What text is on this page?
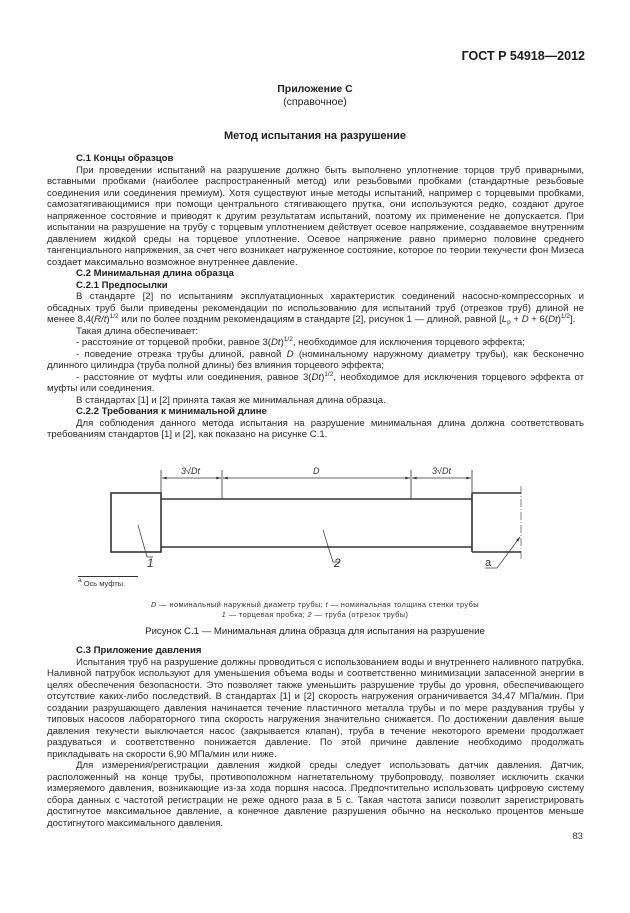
ГОСТ Р 54918—2012
Приложение С
(справочное)
Метод испытания на разрушение

С.1 Концы образцов

При проведении испытаний на разрушение должно быть выполнено уплотнение торцов труб приварными, вставными пробками (наиболее распространенный метод) или резьбовыми пробками (стандартные резьбовые соединения или соединения премиум). Хотя существуют иные методы испытаний, например с торцевыми пробками, самозатягивающимися при помощи центрального стягивающего прутка, они используются редко, создают другое напряженное состояние и приводят к другим результатам испытаний, поэтому их применение не допускается. При испытании на разрушение на трубу с торцевым уплотнением действует осевое напряжение, создаваемое внутренним давлением жидкой среды на торцевое уплотнение. Осевое напряжение равно примерно половине среднего тангенциального напряжения, за счет чего возникает нагруженное состояние, которое по теории текучести фон Мизеса создает максимально возможное внутреннее давление.

С.2 Минимальная длина образца

С.2.1 Предпосылки

В стандарте [2] по испытаниям эксплуатационных характеристик соединений насосно-компрессорных и обсадных труб были приведены рекомендации по использованию для испытаний труб (отрезков труб) длиной не менее $8,4(R/t)^{1/2}$ или по более поздним рекомендациям в стандарте [2], рисунок 1 — длиной, равной $[L_p + D + 6(Dt)^{1/2}]$.

Такая длина обеспечивает:

- расстояние от торцевой пробки, равное $3(Dt)^{1/2}$, необходимое для исключения торцевого эффекта;

- поведение отрезка трубы длиной, равной D (номинальному наружному диаметру трубы), как бесконечно длинного цилиндра (труба полной длины) без влияния торцевого эффекта;

- расстояние от муфты или соединения, равное $3(Dt)^{1/2}$, необходимое для исключения торцевого эффекта от муфты или соединения.

В стандартах [1] и [2] принята такая же минимальная длина образца.

С.2.2 Требования к минимальной длине

Для соблюдения данного метода испытания на разрушение минимальная длина должна соответствовать требованиям стандартов [1] и [2], как показано на рисунке С.1.

3√Dt	D	3√Dt
1	2	a
$^a$ Ось муфты.
D — номинальный наружный диаметр трубы; t — номинальная толщина стенки трубы
1 — торцевая пробка; 2 — труба (отрезок трубы)
Рисунок С.1 — Минимальная длина образца для испытания на разрушение

С.3 Приложение давления

Испытания труб на разрушение должны проводиться с использованием воды и внутреннего наливного патрубка. Наливной патрубок используют для уменьшения объема воды и соответственно минимизации запасенной энергии в целях обеспечения безопасности. Это позволяет также уменьшить разрушение трубы до уровня, обеспечивающего отсутствие каких-либо последствий. В стандартах [1] и [2] скорость нагружения ограничивается 34,47 МПа/мин. При создании разрушающего давления начинается течение пластичного металла трубы и по мере раздувания трубы у типовых насосов лабораторного типа скорость нагружения значительно снижается. По достижении давления выше давления текучести выключается насос (закрывается клапан), труба в течение некоторого времени продолжает раздуваться и соответственно понижается давление. По этой причине давление необходимо продолжать прикладывать на скорости 6,90 МПа/мин или ниже.

Для измерения/регистрации давления жидкой среды следует использовать датчик давления. Датчик, расположенный на конце трубы, противоположном нагнетательному трубопроводу, позволяет исключить скачки измеряемого давления, возникающие из-за хода поршня насоса. Предпочтительно использовать цифровую систему сбора данных с частотой регистрации не реже одного раза в 5 с. Такая частота записи позволит зарегистрировать достигнутое максимальное давление, а конечное давление разрушения обычно на несколько процентов меньше достигнутого максимального давления.

83
